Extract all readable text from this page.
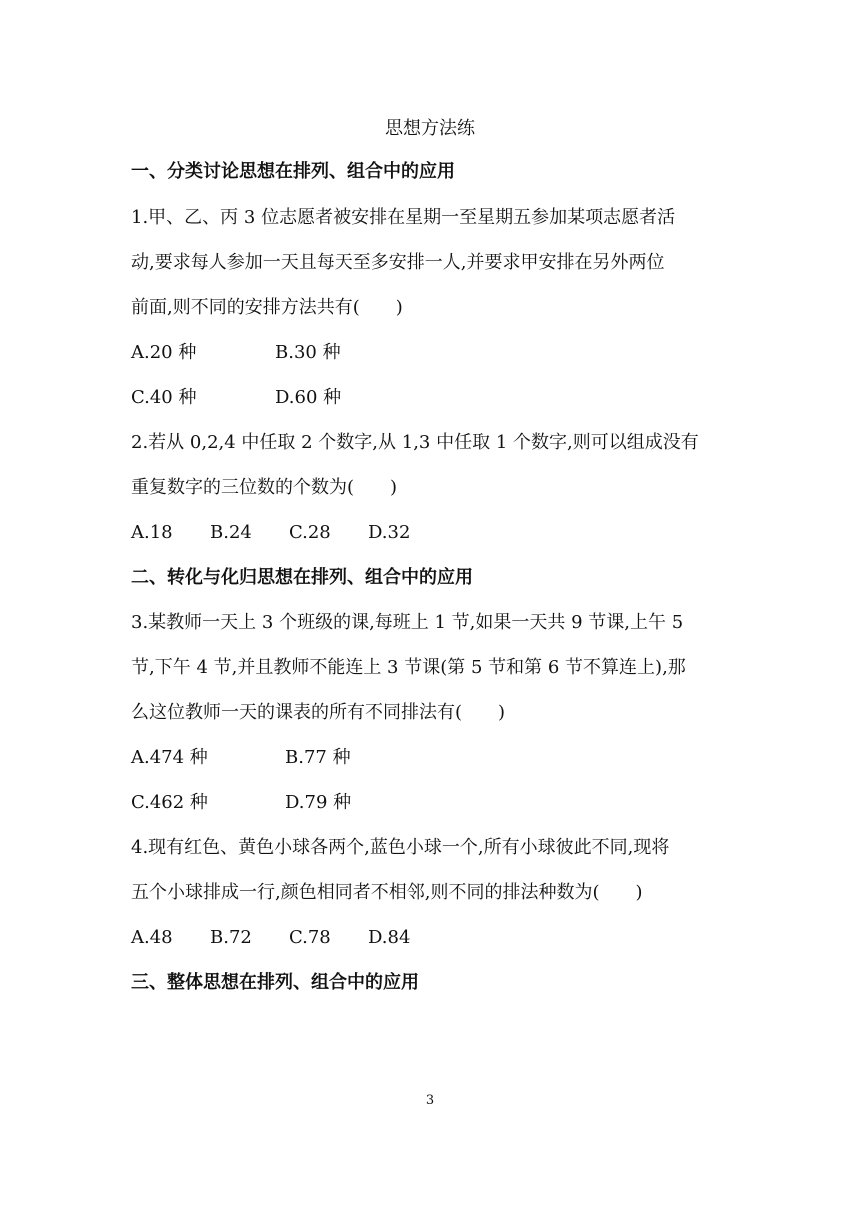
思想方法练
一、分类讨论思想在排列、组合中的应用
1.甲、乙、丙 3 位志愿者被安排在星期一至星期五参加某项志愿者活
动,要求每人参加一天且每天至多安排一人,并要求甲安排在另外两位
前面,则不同的安排方法共有(　　)
A.20 种	B.30 种
C.40 种	D.60 种
2.若从 0,2,4 中任取 2 个数字,从 1,3 中任取 1 个数字,则可以组成没有
重复数字的三位数的个数为(　　)
A.18 B.24 C.28 D.32
二、转化与化归思想在排列、组合中的应用
3.某教师一天上 3 个班级的课,每班上 1 节,如果一天共 9 节课,上午 5
节,下午 4 节,并且教师不能连上 3 节课(第 5 节和第 6 节不算连上),那
么这位教师一天的课表的所有不同排法有(　　)
A.474 种	B.77 种
C.462 种	D.79 种
4.现有红色、黄色小球各两个,蓝色小球一个,所有小球彼此不同,现将
五个小球排成一行,颜色相同者不相邻,则不同的排法种数为(　　)
A.48 B.72 C.78 D.84
三、整体思想在排列、组合中的应用
3
